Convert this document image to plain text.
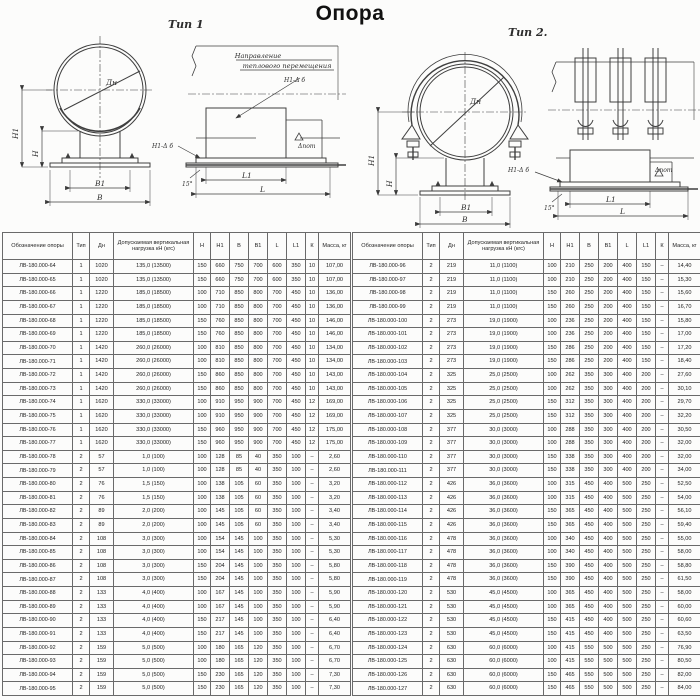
Опора
Тип 1
Тип 2.
Дн
Н1
Н
В1
В
Направление
теплового перемещения
Н1-Δ б
Δпот
Н1-Δ б
15°
L1
L
Дн
Н1
Н
В1
В
Н1-Δ б	Δпот
15°
L1
L
Обозначение опоры	Тип	Дн	Допускаемая вертикальная нагрузка кН (кгс)	Н	Н1	В	В1	L	L1	К	Масса, кг
ЛВ-180.000-64	1	1020	135,0 (13500)	150	660	750	700	600	350	10	107,00
ЛВ-180.000-65	1	1020	135,0 (13500)	150	660	750	700	600	350	10	107,00
ЛВ-180.000-66	1	1220	185,0 (18500)	100	710	850	800	700	450	10	136,00
ЛВ-180.000-67	1	1220	185,0 (18500)	100	710	850	800	700	450	10	136,00
ЛВ-180.000-68	1	1220	185,0 (18500)	150	760	850	800	700	450	10	146,00
ЛВ-180.000-69	1	1220	185,0 (18500)	150	760	850	800	700	450	10	146,00
ЛВ-180.000-70	1	1420	260,0 (26000)	100	810	850	800	700	450	10	134,00
ЛВ-180.000-71	1	1420	260,0 (26000)	100	810	850	800	700	450	10	134,00
ЛВ-180.000-72	1	1420	260,0 (26000)	150	860	850	800	700	450	10	143,00
ЛВ-180.000-73	1	1420	260,0 (26000)	150	860	850	800	700	450	10	143,00
ЛВ-180.000-74	1	1620	330,0 (33000)	100	910	950	900	700	450	12	169,00
ЛВ-180.000-75	1	1620	330,0 (33000)	100	910	950	900	700	450	12	169,00
ЛВ-180.000-76	1	1620	330,0 (33000)	150	960	950	900	700	450	12	175,00
ЛВ-180.000-77	1	1620	330,0 (33000)	150	960	950	900	700	450	12	175,00
ЛВ-180.000-78	2	57	1,0 (100)	100	128	85	40	350	100	–	2,60
ЛВ-180.000-79	2	57	1,0 (100)	100	128	85	40	350	100	–	2,60
ЛВ-180.000-80	2	76	1,5 (150)	100	138	105	60	350	100	–	3,20
ЛВ-180.000-81	2	76	1,5 (150)	100	138	105	60	350	100	–	3,20
ЛВ-180.000-82	2	89	2,0 (200)	100	145	105	60	350	100	–	3,40
ЛВ-180.000-83	2	89	2,0 (200)	100	145	105	60	350	100	–	3,40
ЛВ-180.000-84	2	108	3,0 (300)	100	154	145	100	350	100	–	5,30
ЛВ-180.000-85	2	108	3,0 (300)	100	154	145	100	350	100	–	5,30
ЛВ-180.000-86	2	108	3,0 (300)	150	204	145	100	350	100	–	5,80
ЛВ-180.000-87	2	108	3,0 (300)	150	204	145	100	350	100	–	5,80
ЛВ-180.000-88	2	133	4,0 (400)	100	167	145	100	350	100	–	5,90
ЛВ-180.000-89	2	133	4,0 (400)	100	167	145	100	350	100	–	5,90
ЛВ-180.000-90	2	133	4,0 (400)	150	217	145	100	350	100	–	6,40
ЛВ-180.000-91	2	133	4,0 (400)	150	217	145	100	350	100	–	6,40
ЛВ-180.000-92	2	159	5,0 (500)	100	180	165	120	350	100	–	6,70
ЛВ-180.000-93	2	159	5,0 (500)	100	180	165	120	350	100	–	6,70
ЛВ-180.000-94	2	159	5,0 (500)	150	230	165	120	350	100	–	7,30
ЛВ-180.000-95	2	159	5,0 (500)	150	230	165	120	350	100	–	7,30
Обозначение опоры	Тип	Дн	Допускаемая вертикальная нагрузка кН (кгс)	Н	Н1	В	В1	L	L1	К	Масса, кг
ЛВ-180.000-96	2	219	11,0 (1100)	100	210	250	200	400	150	–	14,40
ЛВ-180.000-97	2	219	11,0 (1100)	100	210	250	200	400	150	–	15,30
ЛВ-180.000-98	2	219	11,0 (1100)	150	260	250	200	400	150	–	15,60
ЛВ-180.000-99	2	219	11,0 (1100)	150	260	250	200	400	150	–	16,70
ЛВ-180.000-100	2	273	19,0 (1900)	100	236	250	200	400	150	–	15,80
ЛВ-180.000-101	2	273	19,0 (1900)	100	236	250	200	400	150	–	17,00
ЛВ-180.000-102	2	273	19,0 (1900)	150	286	250	200	400	150	–	17,20
ЛВ-180.000-103	2	273	19,0 (1900)	150	286	250	200	400	150	–	18,40
ЛВ-180.000-104	2	325	25,0 (2500)	100	262	350	300	400	200	–	27,60
ЛВ-180.000-105	2	325	25,0 (2500)	100	262	350	300	400	200	–	30,10
ЛВ-180.000-106	2	325	25,0 (2500)	150	312	350	300	400	200	–	29,70
ЛВ-180.000-107	2	325	25,0 (2500)	150	312	350	300	400	200	–	32,20
ЛВ-180.000-108	2	377	30,0 (3000)	100	288	350	300	400	200	–	30,50
ЛВ-180.000-109	2	377	30,0 (3000)	100	288	350	300	400	200	–	32,00
ЛВ-180.000-110	2	377	30,0 (3000)	150	338	350	300	400	200	–	32,00
ЛВ-180.000-111	2	377	30,0 (3000)	150	338	350	300	400	200	–	34,00
ЛВ-180.000-112	2	426	36,0 (3600)	100	315	450	400	500	250	–	52,50
ЛВ-180.000-113	2	426	36,0 (3600)	100	315	450	400	500	250	–	54,00
ЛВ-180.000-114	2	426	36,0 (3600)	150	365	450	400	500	250	–	56,10
ЛВ-180.000-115	2	426	36,0 (3600)	150	365	450	400	500	250	–	59,40
ЛВ-180.000-116	2	478	36,0 (3600)	100	340	450	400	500	250	–	55,00
ЛВ-180.000-117	2	478	36,0 (3600)	100	340	450	400	500	250	–	58,00
ЛВ-180.000-118	2	478	36,0 (3600)	150	390	450	400	500	250	–	58,80
ЛВ-180.000-119	2	478	36,0 (3600)	150	390	450	400	500	250	–	61,50
ЛВ-180.000-120	2	530	45,0 (4500)	100	365	450	400	500	250	–	58,00
ЛВ-180.000-121	2	530	45,0 (4500)	100	365	450	400	500	250	–	60,00
ЛВ-180.000-122	2	530	45,0 (4500)	150	415	450	400	500	250	–	60,60
ЛВ-180.000-123	2	530	45,0 (4500)	150	415	450	400	500	250	–	63,50
ЛВ-180.000-124	2	630	60,0 (6000)	100	415	550	500	500	250	–	76,90
ЛВ-180.000-125	2	630	60,0 (6000)	100	415	550	500	500	250	–	80,50
ЛВ-180.000-126	2	630	60,0 (6000)	150	465	550	500	500	250	–	82,00
ЛВ-180.000-127	2	630	60,0 (6000)	150	465	550	500	500	250	–	84,00
